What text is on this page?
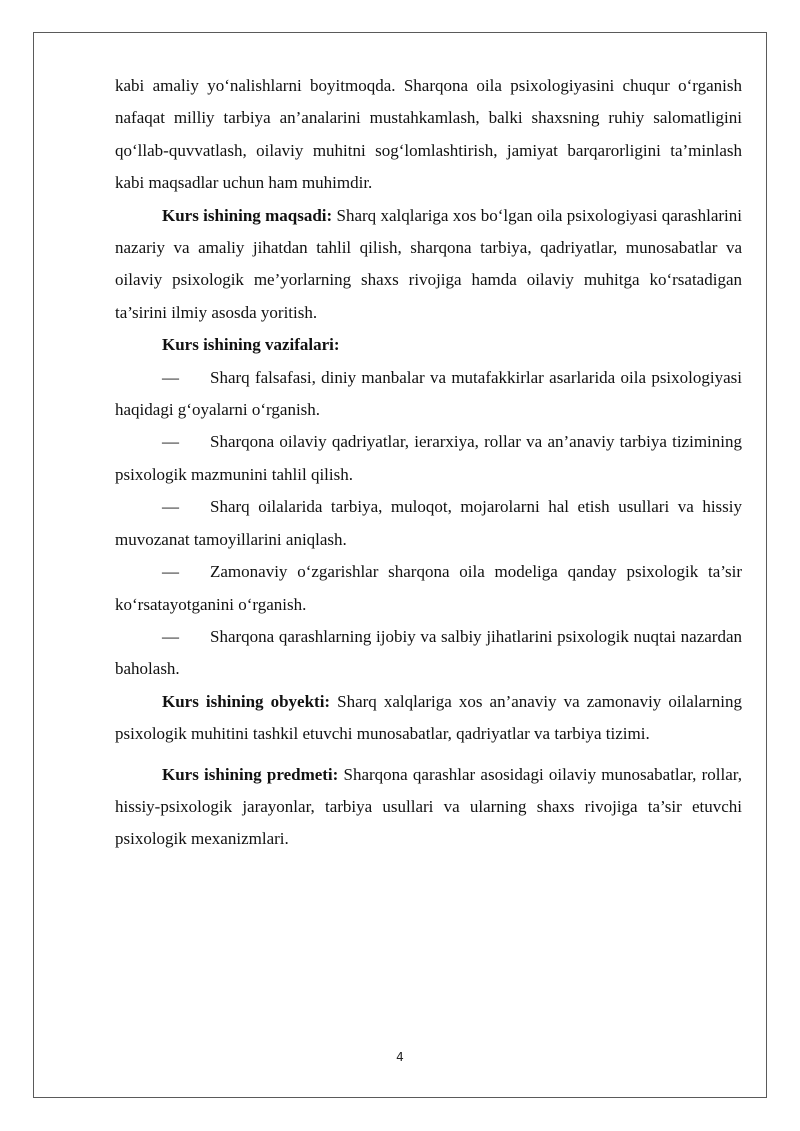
kabi amaliy yo‘nalishlarni boyitmoqda. Sharqona oila psixologiyasini chuqur o‘rganish nafaqat milliy tarbiya an’analarini mustahkamlash, balki shaxsning ruhiy salomatligini qo‘llab-quvvatlash, oilaviy muhitni sog‘lomlashtirish, jamiyat barqarorligini ta’minlash kabi maqsadlar uchun ham muhimdir.

Kurs ishining maqsadi: Sharq xalqlariga xos bo‘lgan oila psixologiyasi qarashlarini nazariy va amaliy jihatdan tahlil qilish, sharqona tarbiya, qadriyatlar, munosabatlar va oilaviy psixologik me’yorlarning shaxs rivojiga hamda oilaviy muhitga ko‘rsatadigan ta’sirini ilmiy asosda yoritish.

Kurs ishining vazifalari:

— Sharq falsafasi, diniy manbalar va mutafakkirlar asarlarida oila psixologiyasi haqidagi g‘oyalarni o‘rganish.

— Sharqona oilaviy qadriyatlar, ierarxiya, rollar va an’anaviy tarbiya tizimining psixologik mazmunini tahlil qilish.

— Sharq oilalarida tarbiya, muloqot, mojarolarni hal etish usullari va hissiy muvozanat tamoyillarini aniqlash.

— Zamonaviy o‘zgarishlar sharqona oila modeliga qanday psixologik ta’sir ko‘rsatayotganini o‘rganish.

— Sharqona qarashlarning ijobiy va salbiy jihatlarini psixologik nuqtai nazardan baholash.

Kurs ishining obyekti: Sharq xalqlariga xos an’anaviy va zamonaviy oilalarning psixologik muhitini tashkil etuvchi munosabatlar, qadriyatlar va tarbiya tizimi.

Kurs ishining predmeti: Sharqona qarashlar asosidagi oilaviy munosabatlar, rollar, hissiy-psixologik jarayonlar, tarbiya usullari va ularning shaxs rivojiga ta’sir etuvchi psixologik mexanizmlari.

4
